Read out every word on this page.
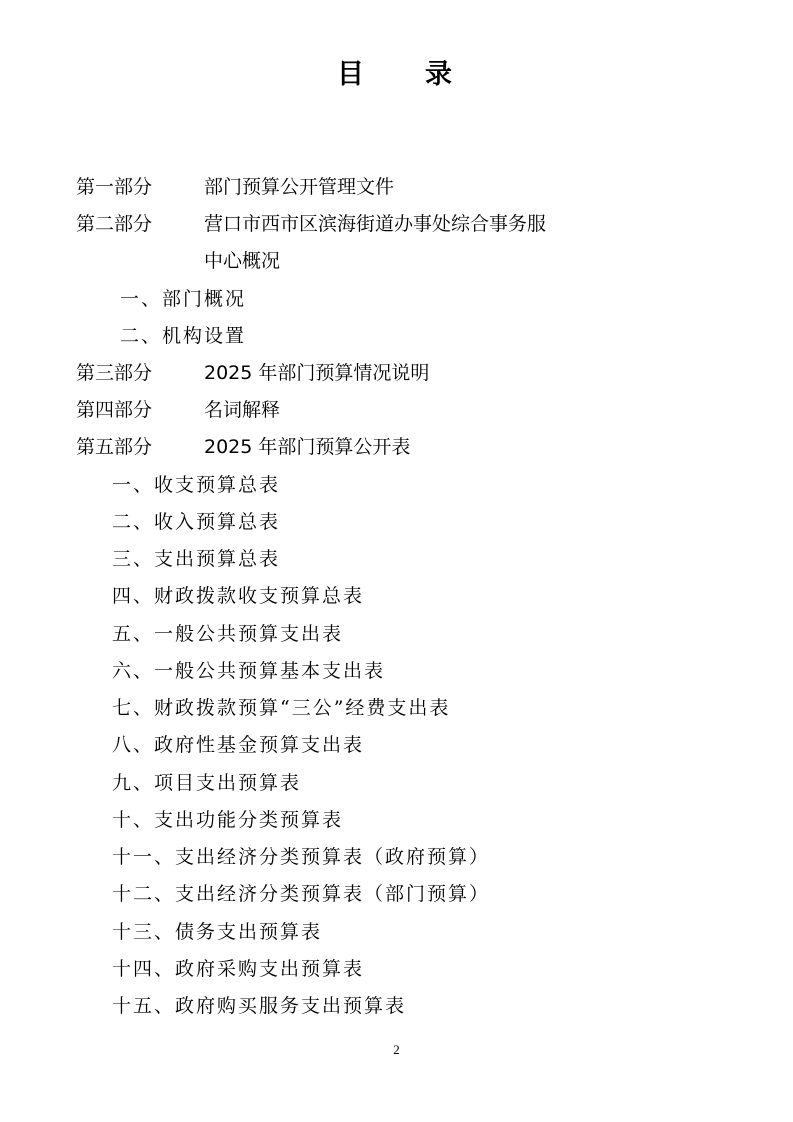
目 录
第一部分	部门预算公开管理文件
第二部分	营口市西市区滨海街道办事处综合事务服
中心概况
一、部门概况
二、机构设置
第三部分	2025 年部门预算情况说明
第四部分	名词解释
第五部分	2025 年部门预算公开表
一、收支预算总表
二、收入预算总表
三、支出预算总表
四、财政拨款收支预算总表
五、一般公共预算支出表
六、一般公共预算基本支出表
七、财政拨款预算“三公”经费支出表
八、政府性基金预算支出表
九、项目支出预算表
十、支出功能分类预算表
十一、支出经济分类预算表（政府预算）
十二、支出经济分类预算表（部门预算）
十三、债务支出预算表
十四、政府采购支出预算表
十五、政府购买服务支出预算表
2
